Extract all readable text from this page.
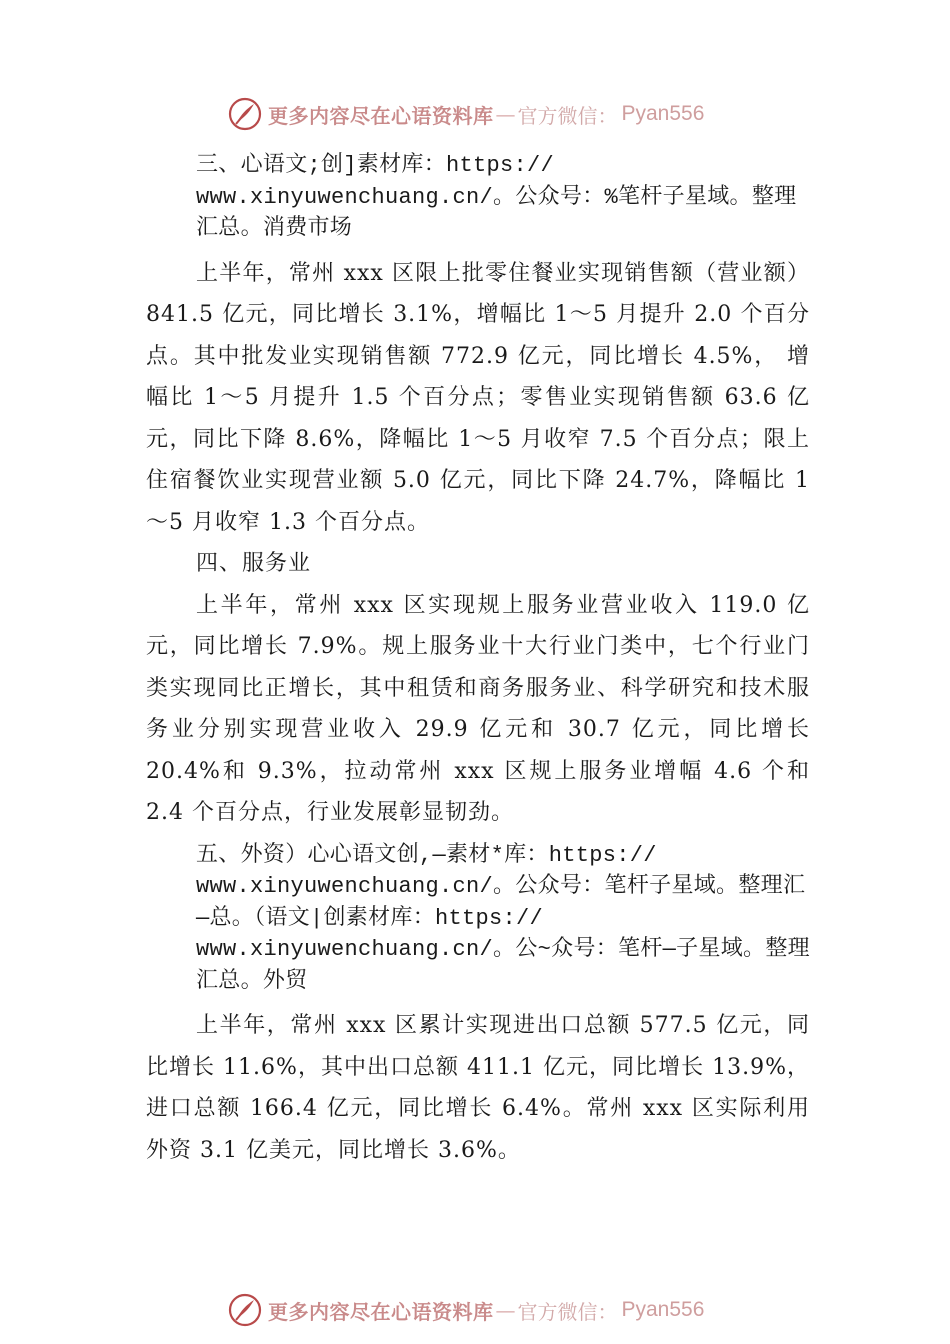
更多内容尽在心语资料库 — 官方微信： Pyan556
三、心语文;创]素材库：https://
www.xinyuwenchuang.cn/。公众号：%笔杆子星域。整理汇总。消费市场

上半年，常州 xxx 区限上批零住餐业实现销售额（营业额）841.5 亿元，同比增长 3.1%，增幅比 1～5 月提升 2.0 个百分点。其中批发业实现销售额 772.9 亿元，同比增长 4.5%， 增幅比 1～5 月提升 1.5 个百分点；零售业实现销售额 63.6 亿元，同比下降 8.6%，降幅比 1～5 月收窄 7.5 个百分点；限上住宿餐饮业实现营业额 5.0 亿元，同比下降 24.7%，降幅比 1～5 月收窄 1.3 个百分点。

四、服务业

上半年，常州 xxx 区实现规上服务业营业收入 119.0 亿元，同比增长 7.9%。规上服务业十大行业门类中，七个行业门类实现同比正增长，其中租赁和商务服务业、科学研究和技术服务业分别实现营业收入 29.9 亿元和 30.7 亿元，同比增长 20.4%和 9.3%，拉动常州 xxx 区规上服务业增幅 4.6 个和 2.4 个百分点，行业发展彰显韧劲。

五、外资）心心语文创,—素材*库：https://
www.xinyuwenchuang.cn/。公众号：笔杆子星域。整理汇—总。（语文|创素材库：https://
www.xinyuwenchuang.cn/。公~众号：笔杆—子星域。整理汇总。外贸

上半年，常州 xxx 区累计实现进出口总额 577.5 亿元，同比增长 11.6%，其中出口总额 411.1 亿元，同比增长 13.9%，进口总额 166.4 亿元，同比增长 6.4%。常州 xxx 区实际利用外资 3.1 亿美元，同比增长 3.6%。

更多内容尽在心语资料库 — 官方微信： Pyan556
